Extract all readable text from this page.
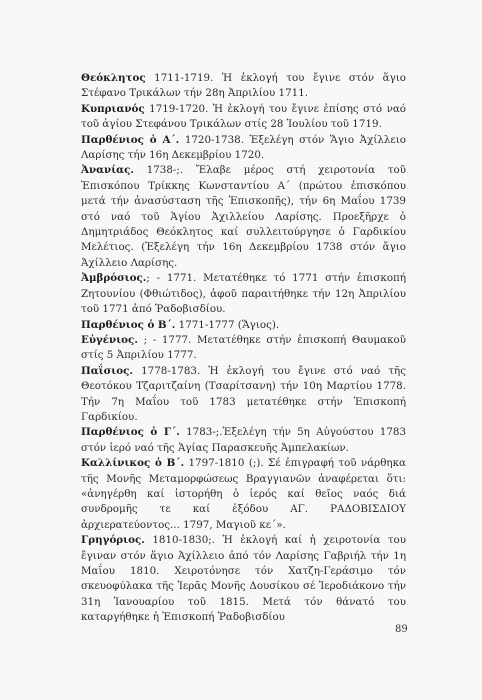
Θεόκλητος 1711-1719. Ἡ ἐκλογή του ἔγινε στόν ἅγιο Στέφανο Τρικάλων τήν 28η Ἀπριλίου 1711.

Κυπριανός 1719-1720. Ἡ ἐκλογή του ἔγινε ἐπίσης στό ναό τοῦ ἁγίου Στεφάνου Τρικάλων στίς 28 Ἰουλίου τοῦ 1719.

Παρθένιος ὁ Α΄. 1720-1738. Ἐξελέγη στόν Ἅγιο Ἀχίλλειο Λαρίσης τήν 16η Δεκεμβρίου 1720.

Ἀνανίας. 1738-;. Ἔλαβε μέρος στή χειροτονία τοῦ Ἐπισκόπου Τρίκκης Κωνσταντίου Α΄ (πρώτου ἐπισκόπου μετά τήν ἀνασύσταση τῆς Ἐπισκοπῆς), τήν 6η Μαΐου 1739 στό ναό τοῦ Ἁγίου Ἀχιλλείου Λαρίσης. Προεξῆρχε ὁ Δημητριάδος Θεόκλητος καί συλλειτούργησε ὁ Γαρδικίου Μελέτιος. (Ἐξελέγη τήν 16η Δεκεμβρίου 1738 στόν ἅγιο Ἀχίλλειο Λαρίσης.

Ἀμβρόσιος.; - 1771. Μετατέθηκε τό 1771 στήν ἐπισκοπή Ζητουνίου (Φθιώτιδος), ἀφοῦ παραιτήθηκε τήν 12η Ἀπριλίου τοῦ 1771 ἀπό Ῥαδοβισδίου.

Παρθένιος ὁ Β΄. 1771-1777 (Ἅγιος).

Εὐγένιος. ; - 1777. Μετατέθηκε στήν ἐπισκοπή Θαυμακοῦ στίς 5 Ἀπριλίου 1777.

Παΐσιος. 1778-1783. Ἡ ἐκλογή του ἔγινε στό ναό τῆς Θεοτόκου Τζαριτζαίνη (Τσαρίτσανη) τήν 10η Μαρτίου 1778. Τήν 7η Μαΐου τοῦ 1783 μετατέθηκε στήν Ἐπισκοπή Γαρδικίου.

Παρθένιος ὁ Γ΄. 1783-;.Ἐξελέγη τήν 5η Αὐγούστου 1783 στόν ἱερό ναό τῆς Ἁγίας Παρασκευῆς Ἀμπελακίων.

Καλλίνικος ὁ Β΄. 1797-1810 (;). Σέ ἐπιγραφή τοῦ νάρθηκα τῆς Μονῆς Μεταμορφώσεως Βραγγιανῶν ἀναφέρεται ὅτι: «ἀνηγέρθη καί ἱστορήθη ὁ ἱερός καί θεῖος ναός διά συνδρομῆς τε καί ἐξόδου ΑΓ. ΡΑΔΟΒΙΣΔΙΟΥ ἀρχιερατεύοντος... 1797, Μαγιοῦ κε΄».

Γρηγόριος. 1810-1830;. Ἡ ἐκλογή καί ἡ χειροτονία του ἔγιναν στόν ἅγιο Ἀχίλλειο ἀπό τόν Λαρίσης Γαβριήλ τήν 1η Μαΐου 1810. Χειροτόνησε τόν Χατζη-Γεράσιμο τόν σκευοφύλακα τῆς Ἱερᾶς Μονῆς Δουσίκου σέ Ἱεροδιάκονο τήν 31η Ἰανουαρίου τοῦ 1815. Μετά τόν θάνατό του καταργήθηκε ἡ Ἐπισκοπή Ῥαδοβισδίου

89
